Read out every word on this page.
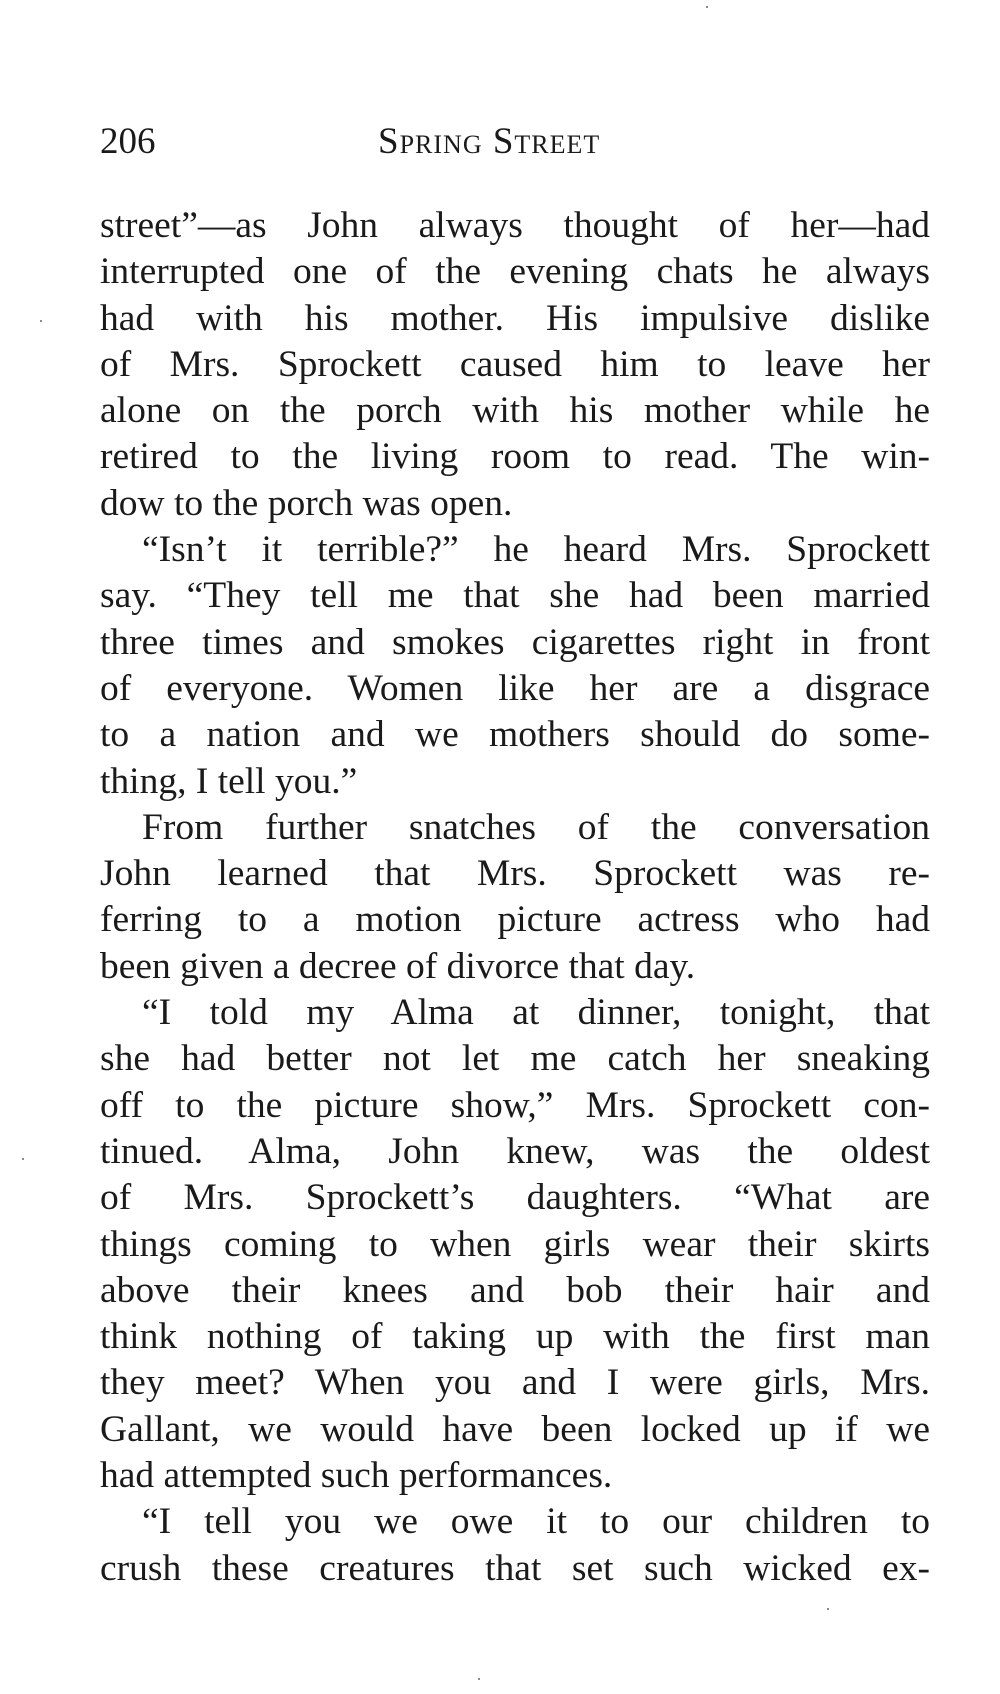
206	Spring Street
street”—as John always thought of her—had
interrupted one of the evening chats he always
had with his mother. His impulsive dislike
of Mrs. Sprockett caused him to leave her
alone on the porch with his mother while he
retired to the living room to read. The win-
dow to the porch was open.
“Isn’t it terrible?” he heard Mrs. Sprockett
say. “They tell me that she had been married
three times and smokes cigarettes right in front
of everyone. Women like her are a disgrace
to a nation and we mothers should do some-
thing, I tell you.”
From further snatches of the conversation
John learned that Mrs. Sprockett was re-
ferring to a motion picture actress who had
been given a decree of divorce that day.
“I told my Alma at dinner, tonight, that
she had better not let me catch her sneaking
off to the picture show,” Mrs. Sprockett con-
tinued. Alma, John knew, was the oldest
of Mrs. Sprockett’s daughters. “What are
things coming to when girls wear their skirts
above their knees and bob their hair and
think nothing of taking up with the first man
they meet? When you and I were girls, Mrs.
Gallant, we would have been locked up if we
had attempted such performances.
“I tell you we owe it to our children to
crush these creatures that set such wicked ex-
